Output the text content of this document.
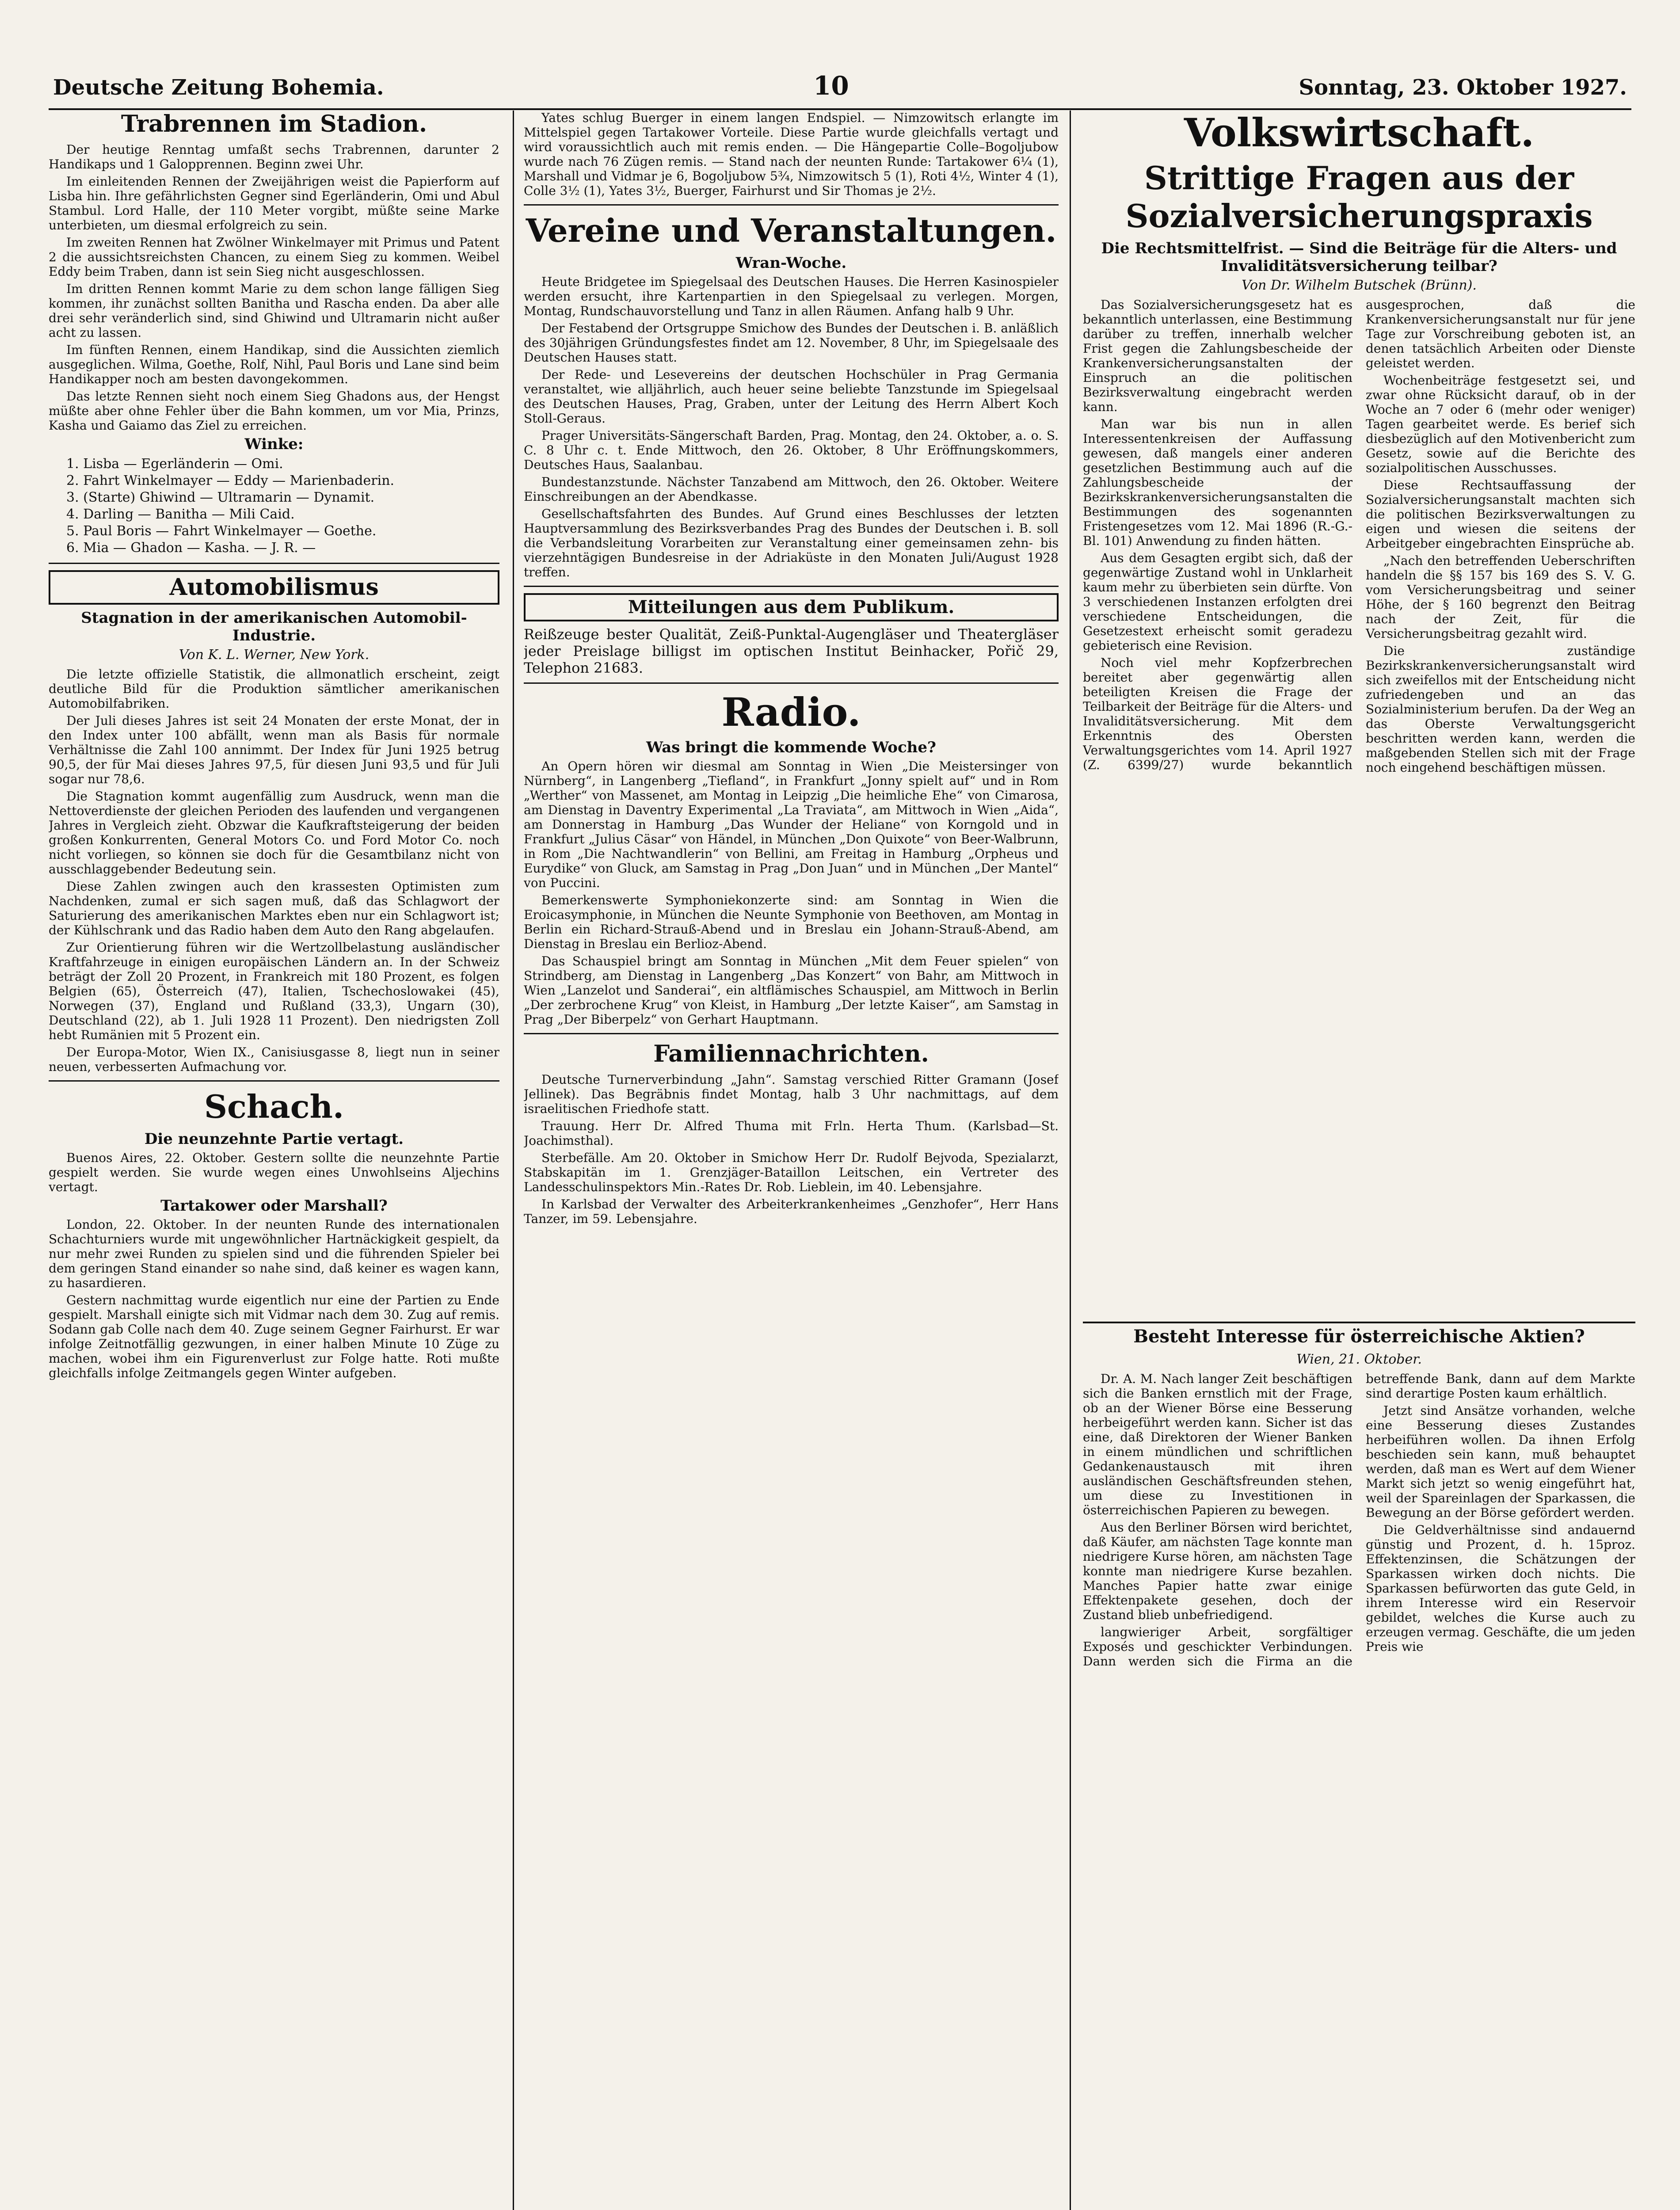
Deutsche Zeitung Bohemia.	10	Sonntag, 23. Oktober 1927.
Trabrennen im Stadion.

Der heutige Renntag umfaßt sechs Trabrennen, darunter 2 Handikaps und 1 Galopprennen. Beginn zwei Uhr.

Im einleitenden Rennen der Zweijährigen weist die Papierform auf Lisba hin. Ihre gefährlichsten Gegner sind Egerländerin, Omi und Abul Stambul. Lord Halle, der 110 Meter vorgibt, müßte seine Marke unterbieten, um diesmal erfolgreich zu sein.

Im zweiten Rennen hat Zwölner Winkelmayer mit Primus und Patent 2 die aussichtsreichsten Chancen, zu einem Sieg zu kommen. Weibel Eddy beim Traben, dann ist sein Sieg nicht ausgeschlossen.

Im dritten Rennen kommt Marie zu dem schon lange fälligen Sieg kommen, ihr zunächst sollten Banitha und Rascha enden. Da aber alle drei sehr veränderlich sind, sind Ghiwind und Ultramarin nicht außer acht zu lassen.

Im fünften Rennen, einem Handikap, sind die Aussichten ziemlich ausgeglichen. Wilma, Goethe, Rolf, Nihl, Paul Boris und Lane sind beim Handikapper noch am besten davongekommen.

Das letzte Rennen sieht noch einem Sieg Ghadons aus, der Hengst müßte aber ohne Fehler über die Bahn kommen, um vor Mia, Prinzs, Kasha und Gaiamo das Ziel zu erreichen.

Winke:
1. Lisba — Egerländerin — Omi.
2. Fahrt Winkelmayer — Eddy — Marienbaderin.
3. (Starte) Ghiwind — Ultramarin — Dynamit.
4. Darling — Banitha — Mili Caid.
5. Paul Boris — Fahrt Winkelmayer — Goethe.
6. Mia — Ghadon — Kasha. — J. R. —
Automobilismus
Stagnation in der amerikanischen Automobil-Industrie.
Von K. L. Werner, New York.

Die letzte offizielle Statistik, die allmonatlich erscheint, zeigt deutliche Bild für die Produktion sämtlicher amerikanischen Automobilfabriken.

Der Juli dieses Jahres ist seit 24 Monaten der erste Monat, der in den Index unter 100 abfällt, wenn man als Basis für normale Verhältnisse die Zahl 100 annimmt. Der Index für Juni 1925 betrug 90,5, der für Mai dieses Jahres 97,5, für diesen Juni 93,5 und für Juli sogar nur 78,6.

Die Stagnation kommt augenfällig zum Ausdruck, wenn man die Nettoverdienste der gleichen Perioden des laufenden und vergangenen Jahres in Vergleich zieht. Obzwar die Kaufkraftsteigerung der beiden großen Konkurrenten, General Motors Co. und Ford Motor Co. noch nicht vorliegen, so können sie doch für die Gesamtbilanz nicht von ausschlaggebender Bedeutung sein.

Diese Zahlen zwingen auch den krassesten Optimisten zum Nachdenken, zumal er sich sagen muß, daß das Schlagwort der Saturierung des amerikanischen Marktes eben nur ein Schlagwort ist; der Kühlschrank und das Radio haben dem Auto den Rang abgelaufen.

Zur Orientierung führen wir die Wertzollbelastung ausländischer Kraftfahrzeuge in einigen europäischen Ländern an. In der Schweiz beträgt der Zoll 20 Prozent, in Frankreich mit 180 Prozent, es folgen Belgien (65), Österreich (47), Italien, Tschechoslowakei (45), Norwegen (37), England und Rußland (33,3), Ungarn (30), Deutschland (22), ab 1. Juli 1928 11 Prozent). Den niedrigsten Zoll hebt Rumänien mit 5 Prozent ein.

Der Europa-Motor, Wien IX., Canisiusgasse 8, liegt nun in seiner neuen, verbesserten Aufmachung vor.

Schach.
Die neunzehnte Partie vertagt.

Buenos Aires, 22. Oktober. Gestern sollte die neunzehnte Partie gespielt werden. Sie wurde wegen eines Unwohlseins Aljechins vertagt.

Tartakower oder Marshall?

London, 22. Oktober. In der neunten Runde des internationalen Schachturniers wurde mit ungewöhnlicher Hartnäckigkeit gespielt, da nur mehr zwei Runden zu spielen sind und die führenden Spieler bei dem geringen Stand einander so nahe sind, daß keiner es wagen kann, zu hasardieren.

Gestern nachmittag wurde eigentlich nur eine der Partien zu Ende gespielt. Marshall einigte sich mit Vidmar nach dem 30. Zug auf remis. Sodann gab Colle nach dem 40. Zuge seinem Gegner Fairhurst. Er war infolge Zeitnotfällig gezwungen, in einer halben Minute 10 Züge zu machen, wobei ihm ein Figurenverlust zur Folge hatte. Roti mußte gleichfalls infolge Zeitmangels gegen Winter aufgeben.

Yates schlug Buerger in einem langen Endspiel. — Nimzowitsch erlangte im Mittelspiel gegen Tartakower Vorteile. Diese Partie wurde gleichfalls vertagt und wird voraussichtlich auch mit remis enden. — Die Hängepartie Colle–Bogoljubow wurde nach 76 Zügen remis. — Stand nach der neunten Runde: Tartakower 6¼ (1), Marshall und Vidmar je 6, Bogoljubow 5¾, Nimzowitsch 5 (1), Roti 4½, Winter 4 (1), Colle 3½ (1), Yates 3½, Buerger, Fairhurst und Sir Thomas je 2½.

Vereine und Veranstaltungen.
Wran-Woche.

Heute Bridgetee im Spiegelsaal des Deutschen Hauses. Die Herren Kasinospieler werden ersucht, ihre Kartenpartien in den Spiegelsaal zu verlegen. Morgen, Montag, Rundschauvorstellung und Tanz in allen Räumen. Anfang halb 9 Uhr.

Der Festabend der Ortsgruppe Smichow des Bundes der Deutschen i. B. anläßlich des 30jährigen Gründungsfestes findet am 12. November, 8 Uhr, im Spiegelsaale des Deutschen Hauses statt.

Der Rede- und Lesevereins der deutschen Hochschüler in Prag Germania veranstaltet, wie alljährlich, auch heuer seine beliebte Tanzstunde im Spiegelsaal des Deutschen Hauses, Prag, Graben, unter der Leitung des Herrn Albert Koch Stoll-Geraus.

Prager Universitäts-Sängerschaft Barden, Prag. Montag, den 24. Oktober, a. o. S. C. 8 Uhr c. t. Ende Mittwoch, den 26. Oktober, 8 Uhr Eröffnungskommers, Deutsches Haus, Saalanbau.

Bundestanzstunde. Nächster Tanzabend am Mittwoch, den 26. Oktober. Weitere Einschreibungen an der Abendkasse.

Gesellschaftsfahrten des Bundes. Auf Grund eines Beschlusses der letzten Hauptversammlung des Bezirksverbandes Prag des Bundes der Deutschen i. B. soll die Verbandsleitung Vorarbeiten zur Veranstaltung einer gemeinsamen zehn- bis vierzehntägigen Bundesreise in der Adriaküste in den Monaten Juli/August 1928 treffen.

Mitteilungen aus dem Publikum.
Reißzeuge bester Qualität, Zeiß-Punktal-Augengläser und Theatergläser jeder Preislage billigst im optischen Institut Beinhacker, Pořič 29, Telephon 21683.
Radio.
Was bringt die kommende Woche?

An Opern hören wir diesmal am Sonntag in Wien „Die Meistersinger von Nürnberg“, in Langenberg „Tiefland“, in Frankfurt „Jonny spielt auf“ und in Rom „Werther“ von Massenet, am Montag in Leipzig „Die heimliche Ehe“ von Cimarosa, am Dienstag in Daventry Experimental „La Traviata“, am Mittwoch in Wien „Aida“, am Donnerstag in Hamburg „Das Wunder der Heliane“ von Korngold und in Frankfurt „Julius Cäsar“ von Händel, in München „Don Quixote“ von Beer-Walbrunn, in Rom „Die Nachtwandlerin“ von Bellini, am Freitag in Hamburg „Orpheus und Eurydike“ von Gluck, am Samstag in Prag „Don Juan“ und in München „Der Mantel“ von Puccini.

Bemerkenswerte Symphoniekonzerte sind: am Sonntag in Wien die Eroicasymphonie, in München die Neunte Symphonie von Beethoven, am Montag in Berlin ein Richard-Strauß-Abend und in Breslau ein Johann-Strauß-Abend, am Dienstag in Breslau ein Berlioz-Abend.

Das Schauspiel bringt am Sonntag in München „Mit dem Feuer spielen“ von Strindberg, am Dienstag in Langenberg „Das Konzert“ von Bahr, am Mittwoch in Wien „Lanzelot und Sanderai“, ein altflämisches Schauspiel, am Mittwoch in Berlin „Der zerbrochene Krug“ von Kleist, in Hamburg „Der letzte Kaiser“, am Samstag in Prag „Der Biberpelz“ von Gerhart Hauptmann.

Familiennachrichten.

Deutsche Turnerverbindung „Jahn“. Samstag verschied Ritter Gramann (Josef Jellinek). Das Begräbnis findet Montag, halb 3 Uhr nachmittags, auf dem israelitischen Friedhofe statt.

Trauung. Herr Dr. Alfred Thuma mit Frln. Herta Thum. (Karlsbad—St. Joachimsthal).

Sterbefälle. Am 20. Oktober in Smichow Herr Dr. Rudolf Bejvoda, Spezialarzt, Stabskapitän im 1. Grenzjäger-Bataillon Leitschen, ein Vertreter des Landesschulinspektors Min.-Rates Dr. Rob. Lieblein, im 40. Lebensjahre.

In Karlsbad der Verwalter des Arbeiterkrankenheimes „Genzhofer“, Herr Hans Tanzer, im 59. Lebensjahre.

Volkswirtschaft.
Strittige Fragen aus der Sozialversicherungspraxis
Die Rechtsmittelfrist. — Sind die Beiträge für die Alters- und Invaliditätsversicherung teilbar?
Von Dr. Wilhelm Butschek (Brünn).

Das Sozialversicherungsgesetz hat es bekanntlich unterlassen, eine Bestimmung darüber zu treffen, innerhalb welcher Frist gegen die Zahlungsbescheide der Krankenversicherungsanstalten der Einspruch an die politischen Bezirksverwaltung eingebracht werden kann.

Man war bis nun in allen Interessentenkreisen der Auffassung gewesen, daß mangels einer anderen gesetzlichen Bestimmung auch auf die Zahlungsbescheide der Bezirkskrankenversicherungsanstalten die Bestimmungen des sogenannten Fristengesetzes vom 12. Mai 1896 (R.-G.-Bl. 101) Anwendung zu finden hätten.

Aus dem Gesagten ergibt sich, daß der gegenwärtige Zustand wohl in Unklarheit kaum mehr zu überbieten sein dürfte. Von 3 verschiedenen Instanzen erfolgten drei verschiedene Entscheidungen, die Gesetzestext erheischt somit geradezu gebieterisch eine Revision.

Noch viel mehr Kopfzerbrechen bereitet aber gegenwärtig allen beteiligten Kreisen die Frage der Teilbarkeit der Beiträge für die Alters- und Invaliditätsversicherung. Mit dem Erkenntnis des Obersten Verwaltungsgerichtes vom 14. April 1927 (Z. 6399/27) wurde bekanntlich ausgesprochen, daß die Krankenversicherungsanstalt nur für jene Tage zur Vorschreibung geboten ist, an denen tatsächlich Arbeiten oder Dienste geleistet werden.

Wochenbeiträge festgesetzt sei, und zwar ohne Rücksicht darauf, ob in der Woche an 7 oder 6 (mehr oder weniger) Tagen gearbeitet werde. Es berief sich diesbezüglich auf den Motivenbericht zum Gesetz, sowie auf die Berichte des sozialpolitischen Ausschusses.

Diese Rechtsauffassung der Sozialversicherungsanstalt machten sich die politischen Bezirksverwaltungen zu eigen und wiesen die seitens der Arbeitgeber eingebrachten Einsprüche ab.

„Nach den betreffenden Ueberschriften handeln die §§ 157 bis 169 des S. V. G. vom Versicherungsbeitrag und seiner Höhe, der § 160 begrenzt den Beitrag nach der Zeit, für die Versicherungsbeitrag gezahlt wird.

Die zuständige Bezirkskrankenversicherungsanstalt wird sich zweifellos mit der Entscheidung nicht zufriedengeben und an das Sozialministerium berufen. Da der Weg an das Oberste Verwaltungsgericht beschritten werden kann, werden die maßgebenden Stellen sich mit der Frage noch eingehend beschäftigen müssen.

Besteht Interesse für österreichische Aktien?
Wien, 21. Oktober.

Dr. A. M. Nach langer Zeit beschäftigen sich die Banken ernstlich mit der Frage, ob an der Wiener Börse eine Besserung herbeigeführt werden kann. Sicher ist das eine, daß Direktoren der Wiener Banken in einem mündlichen und schriftlichen Gedankenaustausch mit ihren ausländischen Geschäftsfreunden stehen, um diese zu Investitionen in österreichischen Papieren zu bewegen.

Aus den Berliner Börsen wird berichtet, daß Käufer, am nächsten Tage konnte man niedrigere Kurse hören, am nächsten Tage konnte man niedrigere Kurse bezahlen. Manches Papier hatte zwar einige Effektenpakete gesehen, doch der Zustand blieb unbefriedigend.

langwieriger Arbeit, sorgfältiger Exposés und geschickter Verbindungen. Dann werden sich die Firma an die betreffende Bank, dann auf dem Markte sind derartige Posten kaum erhältlich.

Jetzt sind Ansätze vorhanden, welche eine Besserung dieses Zustandes herbeiführen wollen. Da ihnen Erfolg beschieden sein kann, muß behauptet werden, daß man es Wert auf dem Wiener Markt sich jetzt so wenig eingeführt hat, weil der Spareinlagen der Sparkassen, die Bewegung an der Börse gefördert werden.

Die Geldverhältnisse sind andauernd günstig und Prozent, d. h. 15proz. Effektenzinsen, die Schätzungen der Sparkassen wirken doch nichts. Die Sparkassen befürworten das gute Geld, in ihrem Interesse wird ein Reservoir gebildet, welches die Kurse auch zu erzeugen vermag. Geschäfte, die um jeden Preis wie
